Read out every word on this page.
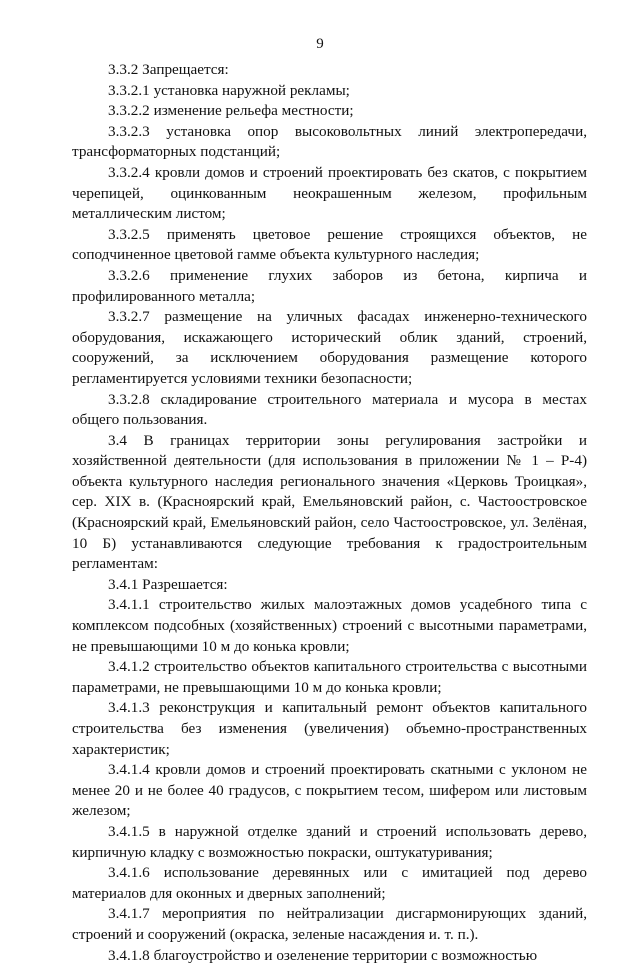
9

3.3.2 Запрещается:

3.3.2.1 установка наружной рекламы;

3.3.2.2 изменение рельефа местности;

3.3.2.3 установка опор высоковольтных линий электропередачи, трансформаторных подстанций;

3.3.2.4 кровли домов и строений проектировать без скатов, с покрытием черепицей, оцинкованным неокрашенным железом, профильным металлическим листом;

3.3.2.5 применять цветовое решение строящихся объектов, не соподчиненное цветовой гамме объекта культурного наследия;

3.3.2.6 применение глухих заборов из бетона, кирпича и профилированного металла;

3.3.2.7 размещение на уличных фасадах инженерно-технического оборудования, искажающего исторический облик зданий, строений, сооружений, за исключением оборудования размещение которого регламентируется условиями техники безопасности;

3.3.2.8 складирование строительного материала и мусора в местах общего пользования.

3.4 В границах территории зоны регулирования застройки и хозяйственной деятельности (для использования в приложении № 1 – Р-4) объекта культурного наследия регионального значения «Церковь Троицкая», сер. XIX в. (Красноярский край, Емельяновский район, с. Частоостровское (Красноярский край, Емельяновский район, село Частоостровское, ул. Зелёная, 10 Б) устанавливаются следующие требования к градостроительным регламентам:

3.4.1 Разрешается:

3.4.1.1 строительство жилых малоэтажных домов усадебного типа с комплексом подсобных (хозяйственных) строений с высотными параметрами, не превышающими 10 м до конька кровли;

3.4.1.2 строительство объектов капитального строительства с высотными параметрами, не превышающими 10 м до конька кровли;

3.4.1.3 реконструкция и капитальный ремонт объектов капитального строительства без изменения (увеличения) объемно-пространственных характеристик;

3.4.1.4 кровли домов и строений проектировать скатными с уклоном не менее 20 и не более 40 градусов, с покрытием тесом, шифером или листовым железом;

3.4.1.5 в наружной отделке зданий и строений использовать дерево, кирпичную кладку с возможностью покраски, оштукатуривания;

3.4.1.6 использование деревянных или с имитацией под дерево материалов для оконных и дверных заполнений;

3.4.1.7 мероприятия по нейтрализации дисгармонирующих зданий, строений и сооружений (окраска, зеленые насаждения и. т. п.).

3.4.1.8 благоустройство и озеленение территории с возможностью
